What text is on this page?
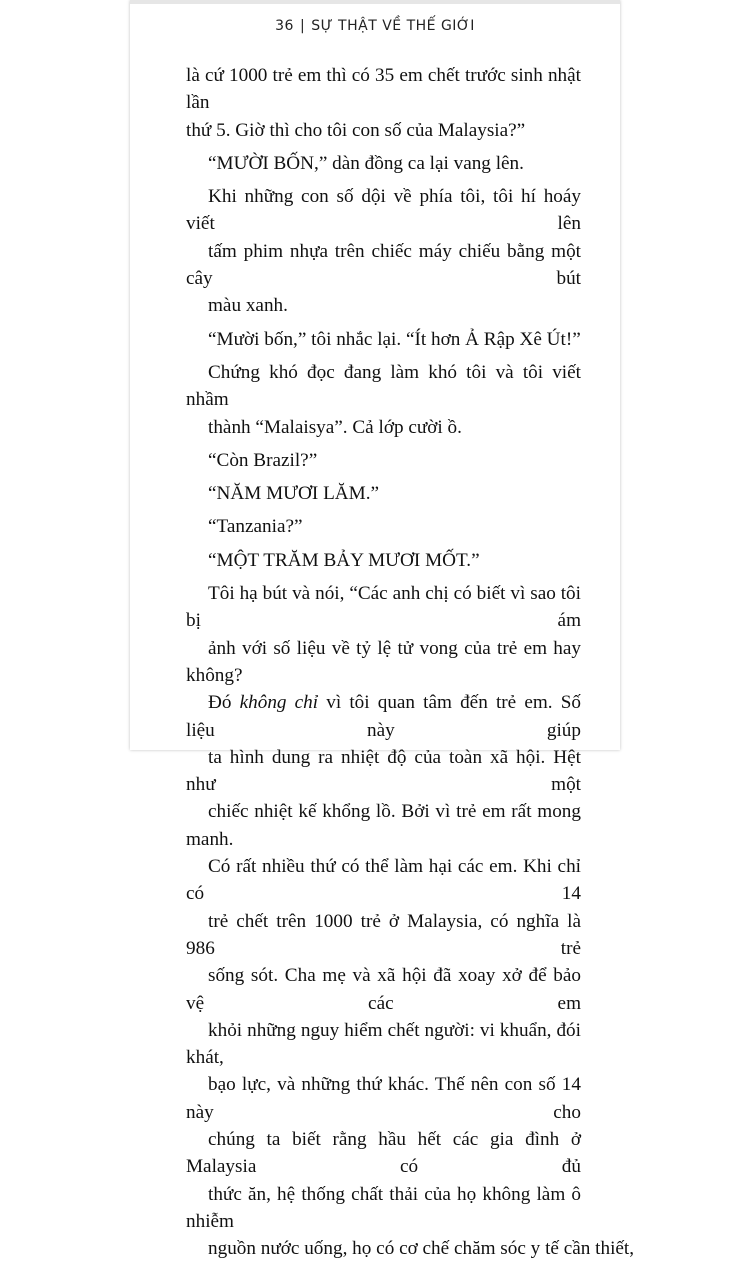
36 | SỰ THẬT VỀ THẾ GIỚI

là cứ 1000 trẻ em thì có 35 em chết trước sinh nhật lần
thứ 5. Giờ thì cho tôi con số của Malaysia?”

“MƯỜI BỐN,” dàn đồng ca lại vang lên.

Khi những con số dội về phía tôi, tôi hí hoáy viết lên
tấm phim nhựa trên chiếc máy chiếu bằng một cây bút
màu xanh.

“Mười bốn,” tôi nhắc lại. “Ít hơn Ả Rập Xê Út!”

Chứng khó đọc đang làm khó tôi và tôi viết nhầm
thành “Malaisya”. Cả lớp cười ồ.

“Còn Brazil?”

“NĂM MƯƠI LĂM.”

“Tanzania?”

“MỘT TRĂM BẢY MƯƠI MỐT.”

Tôi hạ bút và nói, “Các anh chị có biết vì sao tôi bị ám
ảnh với số liệu về tỷ lệ tử vong của trẻ em hay không?
Đó không chỉ vì tôi quan tâm đến trẻ em. Số liệu này giúp
ta hình dung ra nhiệt độ của toàn xã hội. Hệt như một
chiếc nhiệt kế khổng lồ. Bởi vì trẻ em rất mong manh.
Có rất nhiều thứ có thể làm hại các em. Khi chỉ có 14
trẻ chết trên 1000 trẻ ở Malaysia, có nghĩa là 986 trẻ
sống sót. Cha mẹ và xã hội đã xoay xở để bảo vệ các em
khỏi những nguy hiểm chết người: vi khuẩn, đói khát,
bạo lực, và những thứ khác. Thế nên con số 14 này cho
chúng ta biết rằng hầu hết các gia đình ở Malaysia có đủ
thức ăn, hệ thống chất thải của họ không làm ô nhiễm
nguồn nước uống, họ có cơ chế chăm sóc y tế cần thiết,
